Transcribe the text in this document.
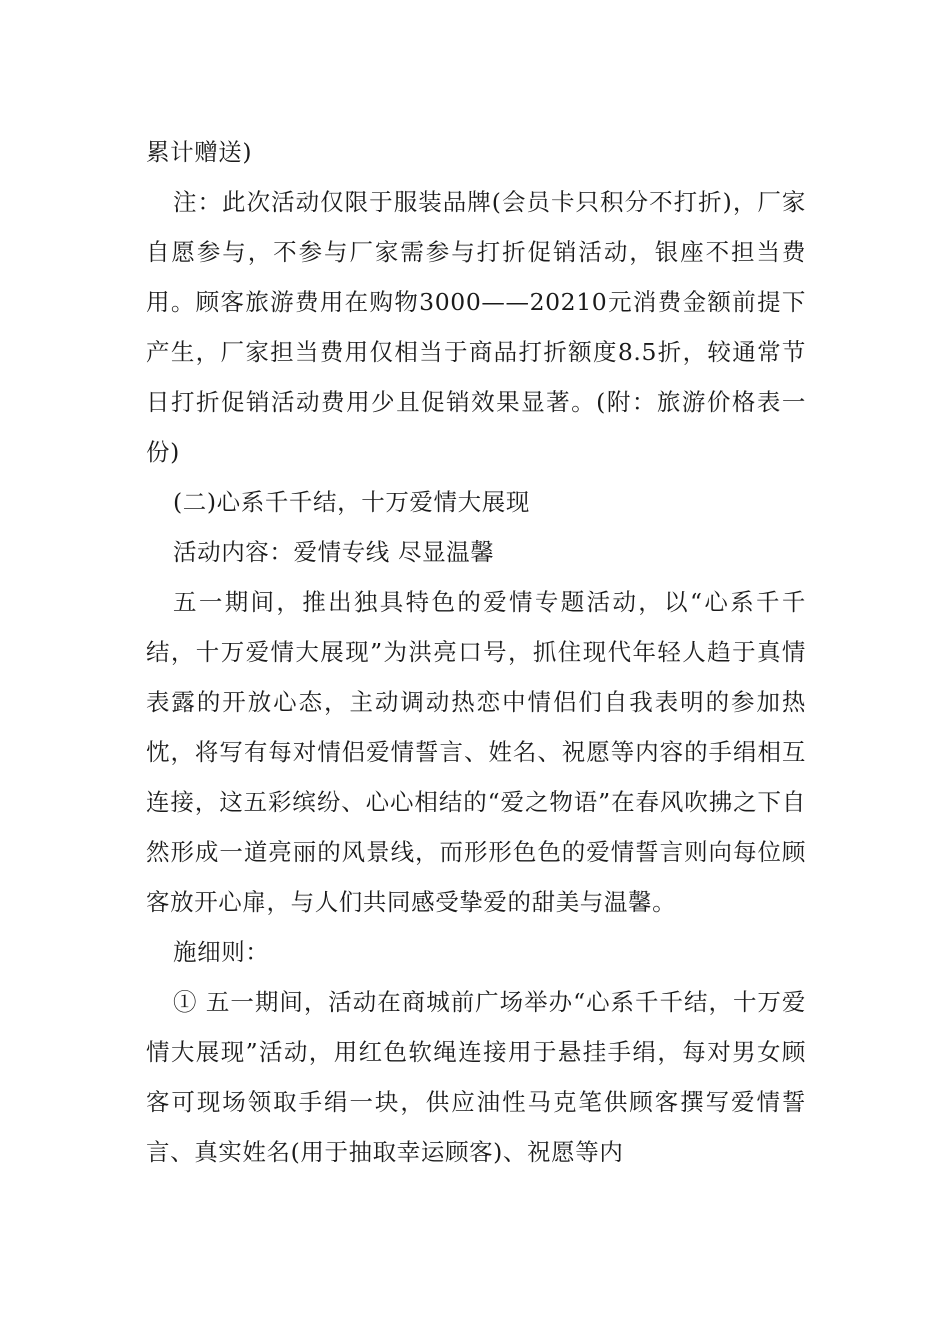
累计赠送)

注：此次活动仅限于服装品牌(会员卡只积分不打折)，厂家自愿参与，不参与厂家需参与打折促销活动，银座不担当费用。顾客旅游费用在购物3000——20210元消费金额前提下产生，厂家担当费用仅相当于商品打折额度8.5折，较通常节日打折促销活动费用少且促销效果显著。(附：旅游价格表一份)

(二)心系千千结，十万爱情大展现

活动内容：爱情专线 尽显温馨

五一期间，推出独具特色的爱情专题活动，以“心系千千结，十万爱情大展现”为洪亮口号，抓住现代年轻人趋于真情表露的开放心态，主动调动热恋中情侣们自我表明的参加热忱，将写有每对情侣爱情誓言、姓名、祝愿等内容的手绢相互连接，这五彩缤纷、心心相结的“爱之物语”在春风吹拂之下自然形成一道亮丽的风景线，而形形色色的爱情誓言则向每位顾客放开心扉，与人们共同感受挚爱的甜美与温馨。

施细则：

① 五一期间，活动在商城前广场举办“心系千千结，十万爱情大展现”活动，用红色软绳连接用于悬挂手绢，每对男女顾客可现场领取手绢一块，供应油性马克笔供顾客撰写爱情誓言、真实姓名(用于抽取幸运顾客)、祝愿等内
